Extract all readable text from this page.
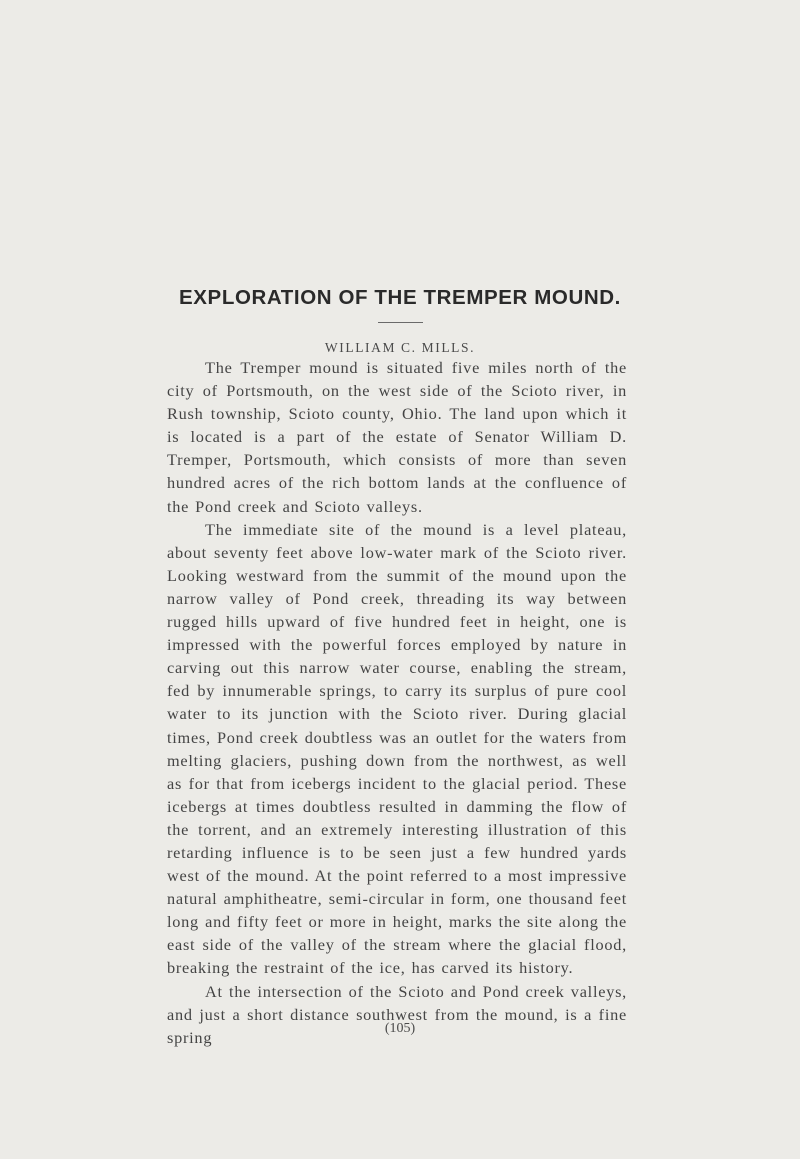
EXPLORATION OF THE TREMPER MOUND.
WILLIAM C. MILLS.

The Tremper mound is situated five miles north of the city of Portsmouth, on the west side of the Scioto river, in Rush township, Scioto county, Ohio. The land upon which it is located is a part of the estate of Senator William D. Tremper, Portsmouth, which consists of more than seven hundred acres of the rich bottom lands at the confluence of the Pond creek and Scioto valleys.

The immediate site of the mound is a level plateau, about seventy feet above low-water mark of the Scioto river. Looking westward from the summit of the mound upon the narrow valley of Pond creek, threading its way between rugged hills upward of five hundred feet in height, one is impressed with the powerful forces employed by nature in carving out this narrow water course, enabling the stream, fed by innumerable springs, to carry its surplus of pure cool water to its junction with the Scioto river. During glacial times, Pond creek doubtless was an outlet for the waters from melting glaciers, pushing down from the northwest, as well as for that from icebergs incident to the glacial period. These icebergs at times doubtless resulted in damming the flow of the torrent, and an extremely interesting illustration of this retarding influence is to be seen just a few hundred yards west of the mound. At the point referred to a most impressive natural amphitheatre, semi-circular in form, one thousand feet long and fifty feet or more in height, marks the site along the east side of the valley of the stream where the glacial flood, breaking the restraint of the ice, has carved its history.

At the intersection of the Scioto and Pond creek valleys, and just a short distance southwest from the mound, is a fine spring	(105)
